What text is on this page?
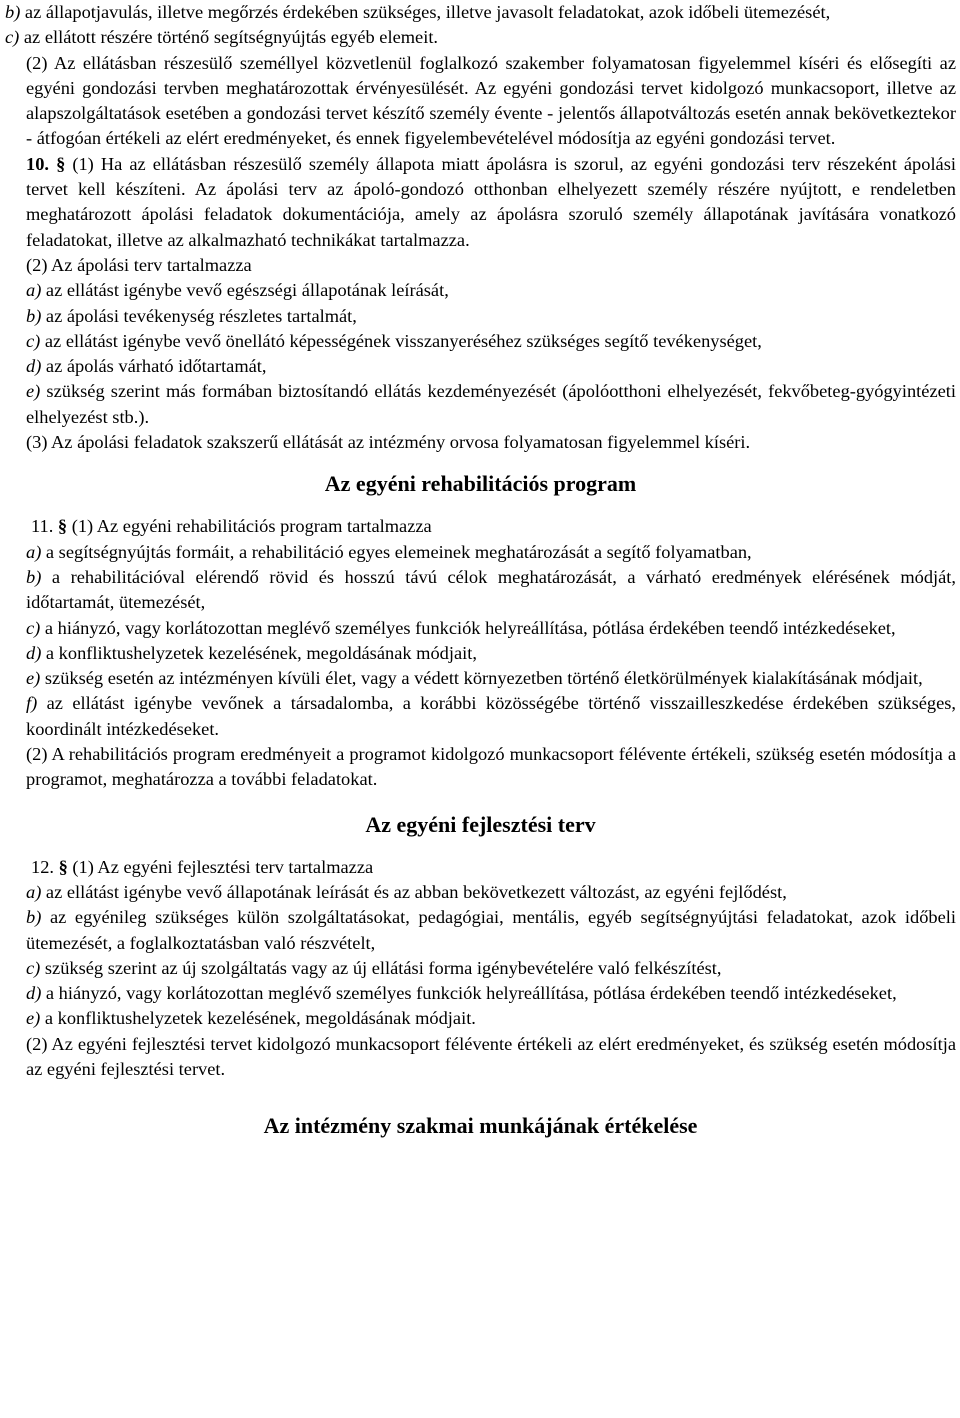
b) az állapotjavulás, illetve megőrzés érdekében szükséges, illetve javasolt feladatokat, azok időbeli ütemezését,

c) az ellátott részére történő segítségnyújtás egyéb elemeit.

(2) Az ellátásban részesülő személlyel közvetlenül foglalkozó szakember folyamatosan figyelemmel kíséri és elősegíti az egyéni gondozási tervben meghatározottak érvényesülését. Az egyéni gondozási tervet kidolgozó munkacsoport, illetve az alapszolgáltatások esetében a gondozási tervet készítő személy évente - jelentős állapotváltozás esetén annak bekövetkeztekor - átfogóan értékeli az elért eredményeket, és ennek figyelembevételével módosítja az egyéni gondozási tervet.

10. § (1) Ha az ellátásban részesülő személy állapota miatt ápolásra is szorul, az egyéni gondozási terv részeként ápolási tervet kell készíteni. Az ápolási terv az ápoló-gondozó otthonban elhelyezett személy részére nyújtott, e rendeletben meghatározott ápolási feladatok dokumentációja, amely az ápolásra szoruló személy állapotának javítására vonatkozó feladatokat, illetve az alkalmazható technikákat tartalmazza.

(2) Az ápolási terv tartalmazza

a) az ellátást igénybe vevő egészségi állapotának leírását,

b) az ápolási tevékenység részletes tartalmát,

c) az ellátást igénybe vevő önellátó képességének visszanyeréséhez szükséges segítő tevékenységet,

d) az ápolás várható időtartamát,

e) szükség szerint más formában biztosítandó ellátás kezdeményezését (ápolóotthoni elhelyezését, fekvőbeteg-gyógyintézeti elhelyezést stb.).

(3) Az ápolási feladatok szakszerű ellátását az intézmény orvosa folyamatosan figyelemmel kíséri.

Az egyéni rehabilitációs program

11. § (1) Az egyéni rehabilitációs program tartalmazza

a) a segítségnyújtás formáit, a rehabilitáció egyes elemeinek meghatározását a segítő folyamatban,

b) a rehabilitációval elérendő rövid és hosszú távú célok meghatározását, a várható eredmények elérésének módját, időtartamát, ütemezését,

c) a hiányzó, vagy korlátozottan meglévő személyes funkciók helyreállítása, pótlása érdekében teendő intézkedéseket,

d) a konfliktushelyzetek kezelésének, megoldásának módjait,

e) szükség esetén az intézményen kívüli élet, vagy a védett környezetben történő életkörülmények kialakításának módjait,

f) az ellátást igénybe vevőnek a társadalomba, a korábbi közösségébe történő visszailleszkedése érdekében szükséges, koordinált intézkedéseket.

(2) A rehabilitációs program eredményeit a programot kidolgozó munkacsoport félévente értékeli, szükség esetén módosítja a programot, meghatározza a további feladatokat.

Az egyéni fejlesztési terv

12. § (1) Az egyéni fejlesztési terv tartalmazza

a) az ellátást igénybe vevő állapotának leírását és az abban bekövetkezett változást, az egyéni fejlődést,

b) az egyénileg szükséges külön szolgáltatásokat, pedagógiai, mentális, egyéb segítségnyújtási feladatokat, azok időbeli ütemezését, a foglalkoztatásban való részvételt,

c) szükség szerint az új szolgáltatás vagy az új ellátási forma igénybevételére való felkészítést,

d) a hiányzó, vagy korlátozottan meglévő személyes funkciók helyreállítása, pótlása érdekében teendő intézkedéseket,

e) a konfliktushelyzetek kezelésének, megoldásának módjait.

(2) Az egyéni fejlesztési tervet kidolgozó munkacsoport félévente értékeli az elért eredményeket, és szükség esetén módosítja az egyéni fejlesztési tervet.

Az intézmény szakmai munkájának értékelése
